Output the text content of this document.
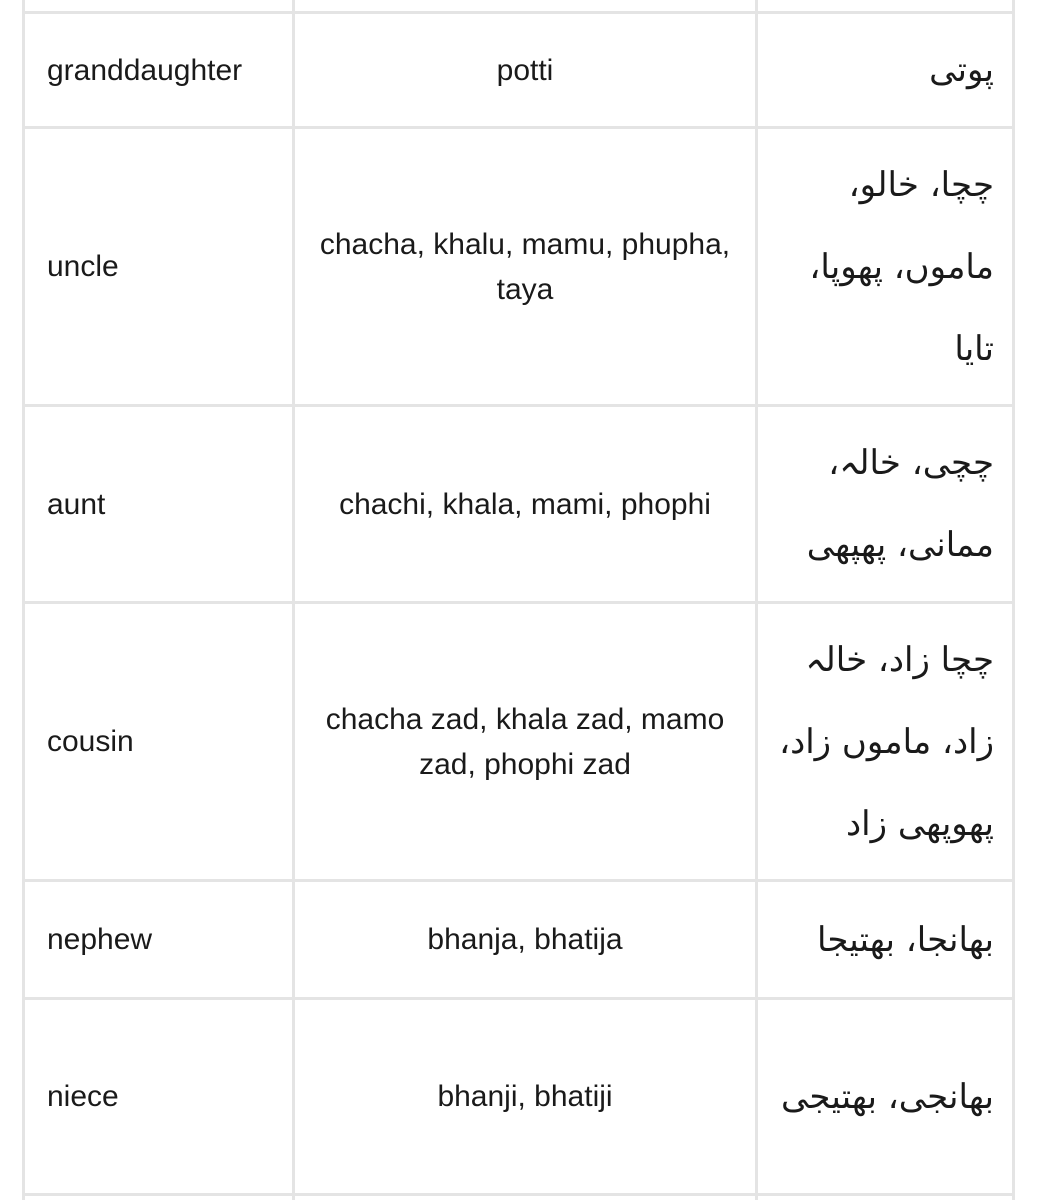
granddaughter	potti	پوتی
uncle	chacha, khalu, mamu, phupha, taya	چچا، خالو، ماموں، پھوپا، تایا
aunt	chachi, khala, mami, phophi	چچی، خالہ، ممانی، پھپھی
cousin	chacha zad, khala zad, mamo zad, phophi zad	چچا زاد، خالہ زاد، ماموں زاد، پھوپھی زاد
nephew	bhanja, bhatija	بھانجا، بھتیجا
niece	bhanji, bhatiji	بھانجی، بھتیجی
